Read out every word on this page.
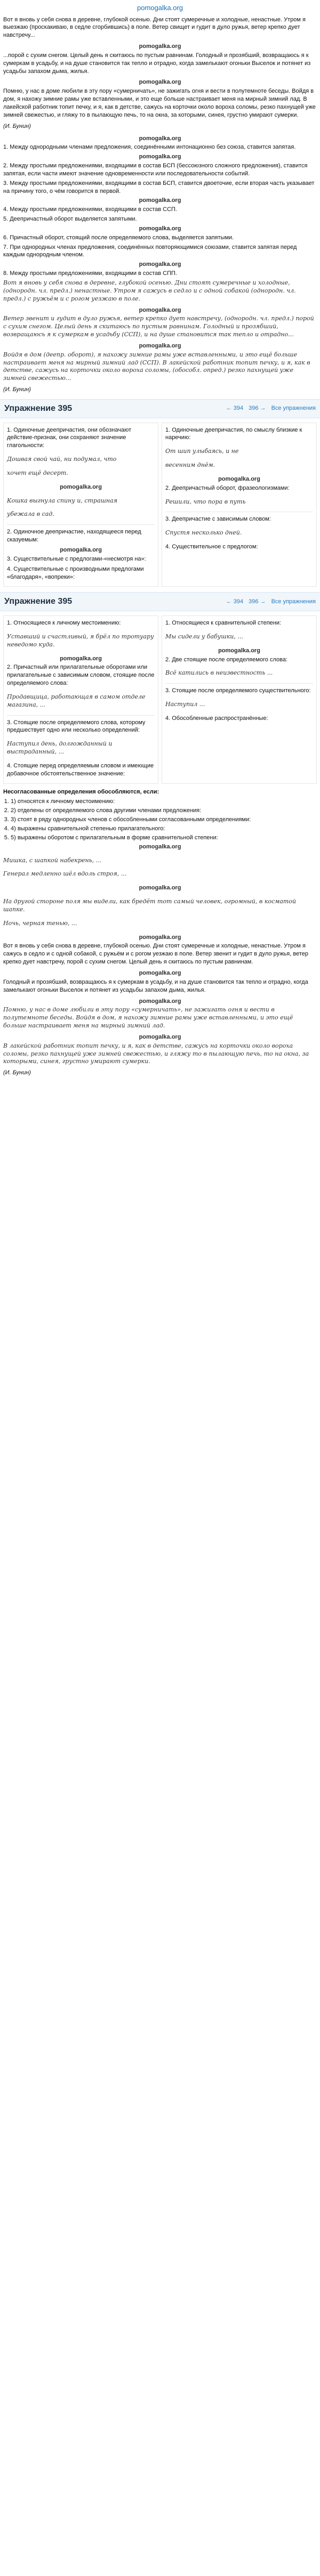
pomogalka.org

Вот я вновь у себя снова в деревне, глубокой осенью. Дни стоят сумеречные и холодные, ненастные. Утром я выезжаю (проскакиваю, в седле сгорбившись) в поле. Ветер свищет и гудит в дуло ружья, ветер крепко дует навстречу...

pomogalka.org

...порой с сухим снегом. Целый день я скитаюсь по пустым равнинам. Голодный и прозябший, возвращаюсь я к сумеркам в усадьбу, и на душе становится так тепло и отрадно, когда замелькают огоньки Выселок и потянет из усадьбы запахом дыма, жилья.

pomogalka.org

Помню, у нас в доме любили в эту пору «сумерничать», не зажигать огня и вести в полутемноте беседы. Войдя в дом, я нахожу зимние рамы уже вставленными, и это еще больше настраивает меня на мирный зимний лад. В лакейской работник топит печку, и я, как в детстве, сажусь на корточки около вороха соломы, резко пахнущей уже зимней свежестью, и гляжу то в пылающую печь, то на окна, за которыми, синея, грустно умирают сумерки.

(И. Бунин)
pomogalka.org

1. Между однородными членами предложения, соединёнными интонационно без союза, ставится запятая.

pomogalka.org

2. Между простыми предложениями, входящими в состав БСП (бессоюзного сложного предложения), ставится запятая, если части имеют значение одновременности или последовательности событий.

3. Между простыми предложениями, входящими в состав БСП, ставится двоеточие, если вторая часть указывает на причину того, о чём говорится в первой.

pomogalka.org

4. Между простыми предложениями, входящими в состав ССП.

5. Деепричастный оборот выделяется запятыми.

pomogalka.org

6. Причастный оборот, стоящий после определяемого слова, выделяется запятыми.

7. При однородных членах предложения, соединённых повторяющимися союзами, ставится запятая перед каждым однородным членом.

pomogalka.org

8. Между простыми предложениями, входящими в состав СПП.

Вот я вновь у себя снова в деревне, глубокой осенью. Дни стоят сумеречные и холодные, (однородн. чл. предл.) ненастные. Утром я сажусь в седло и с одной собакой (однородн. чл. предл.) с ружьём и с рогом уезжаю в поле.

pomogalka.org

Ветер звенит и гудит в дуло ружья, ветер крепко дует навстречу, (однородн. чл. предл.) порой с сухим снегом. Целый день я скитаюсь по пустым равнинам. Голодный и прозябший, возвращаюсь я к сумеркам в усадьбу (ССП), и на душе становится так тепло и отрадно...

pomogalka.org

Войдя в дом (деепр. оборот), я нахожу зимние рамы уже вставленными, и это ещё больше настраивает меня на мирный зимний лад (ССП). В лакейской работник топит печку, и я, как в детстве, сажусь на корточки около вороха соломы, (обособл. опред.) резко пахнущей уже зимней свежестью...

(И. Бунин)
Упражнение 395	← 394 396 → Все упражнения

1. Одиночные деепричастия, они обозначают действие-признак, они сохраняют значение глагольности:

Дошвая свой чай, ни подумал, что

хочет ещё десерт.

pomogalka.org

Кошка выгнула спину и, страшная

убежала в сад.

2. Одиночное деепричастие, находящееся перед сказуемым:

pomogalka.org

3. Существительные с предлогами-«несмотря на»:

4. Существительные с производными предлогами «благодаря», «вопреки»:

1. Одиночные деепричастия, по смыслу близкие к наречию:

От шип улыбаясь, и не

весенним днём.

pomogalka.org

2. Деепричастный оборот, фразеологизмами:

Решили, что пора в путь

3. Деепричастие с зависимым словом:

Спустя несколько дней.

4. Существительное с предлогом:

Упражнение 395	← 394 396 → Все упражнения

1. Относящиеся к личному местоимению:

Уставший и счастливый, я брёл по тротуару неведомо куда.

pomogalka.org

2. Причастный или прилагательные оборотами или прилагательные с зависимым словом, стоящие после определяемого слова:

Продавщица, работающая в самом отделе магазина, ...

3. Стоящие после определяемого слова, которому предшествует одно или несколько определений:

Наступил день, долгожданный и выстраданный, ...

4. Стоящие перед определяемым словом и имеющие добавочное обстоятельственное значение:

1. Относящиеся к сравнительной степени:

Мы сидели у бабушки, ...

pomogalka.org

2. Две стоящие после определяемого слова:

Всё катились в неизвестность ...

3. Стоящие после определяемого существительного:

Наступил ...

4. Обособленные распространённые:

Несогласованные определения обособляются, если:
1. 1) относятся к личному местоимению:
2. 2) отделены от определяемого слова другими членами предложения:
3. 3) стоят в ряду однородных членов с обособленными согласованными определениями:
4. 4) выражены сравнительной степенью прилагательного:
5. 5) выражены оборотом с прилагательным в форме сравнительной степени:
pomogalka.org

Мишка, с шапкой набекрень, ...

Генерал медленно шёл вдоль строя, ...

pomogalka.org

На другой стороне поля мы видели, как бредёт тот самый человек, огромный, в косматой шапке.

Ночь, черная тенью, ...

pomogalka.org

Вот я вновь у себя снова в деревне, глубокой осенью. Дни стоят сумеречные и холодные, ненастные. Утром я сажусь в седло и с одной собакой, с ружьём и с рогом уезжаю в поле. Ветер звенит и гудит в дуло ружья, ветер крепко дует навстречу, порой с сухим снегом. Целый день я скитаюсь по пустым равнинам.

pomogalka.org

Голодный и прозябший, возвращаюсь я к сумеркам в усадьбу, и на душе становится так тепло и отрадно, когда замелькают огоньки Выселок и потянет из усадьбы запахом дыма, жилья.

pomogalka.org

Помню, у нас в доме любили в эту пору «сумерничать», не зажигать огня и вести в полутемноте беседы. Войдя в дом, я нахожу зимние рамы уже вставленными, и это ещё больше настраивает меня на мирный зимний лад.

pomogalka.org

В лакейской работник топит печку, и я, как в детстве, сажусь на корточки около вороха соломы, резко пахнущей уже зимней свежестью, и гляжу то в пылающую печь, то на окна, за которыми, синея, грустно умирают сумерки.

(И. Бунин)
